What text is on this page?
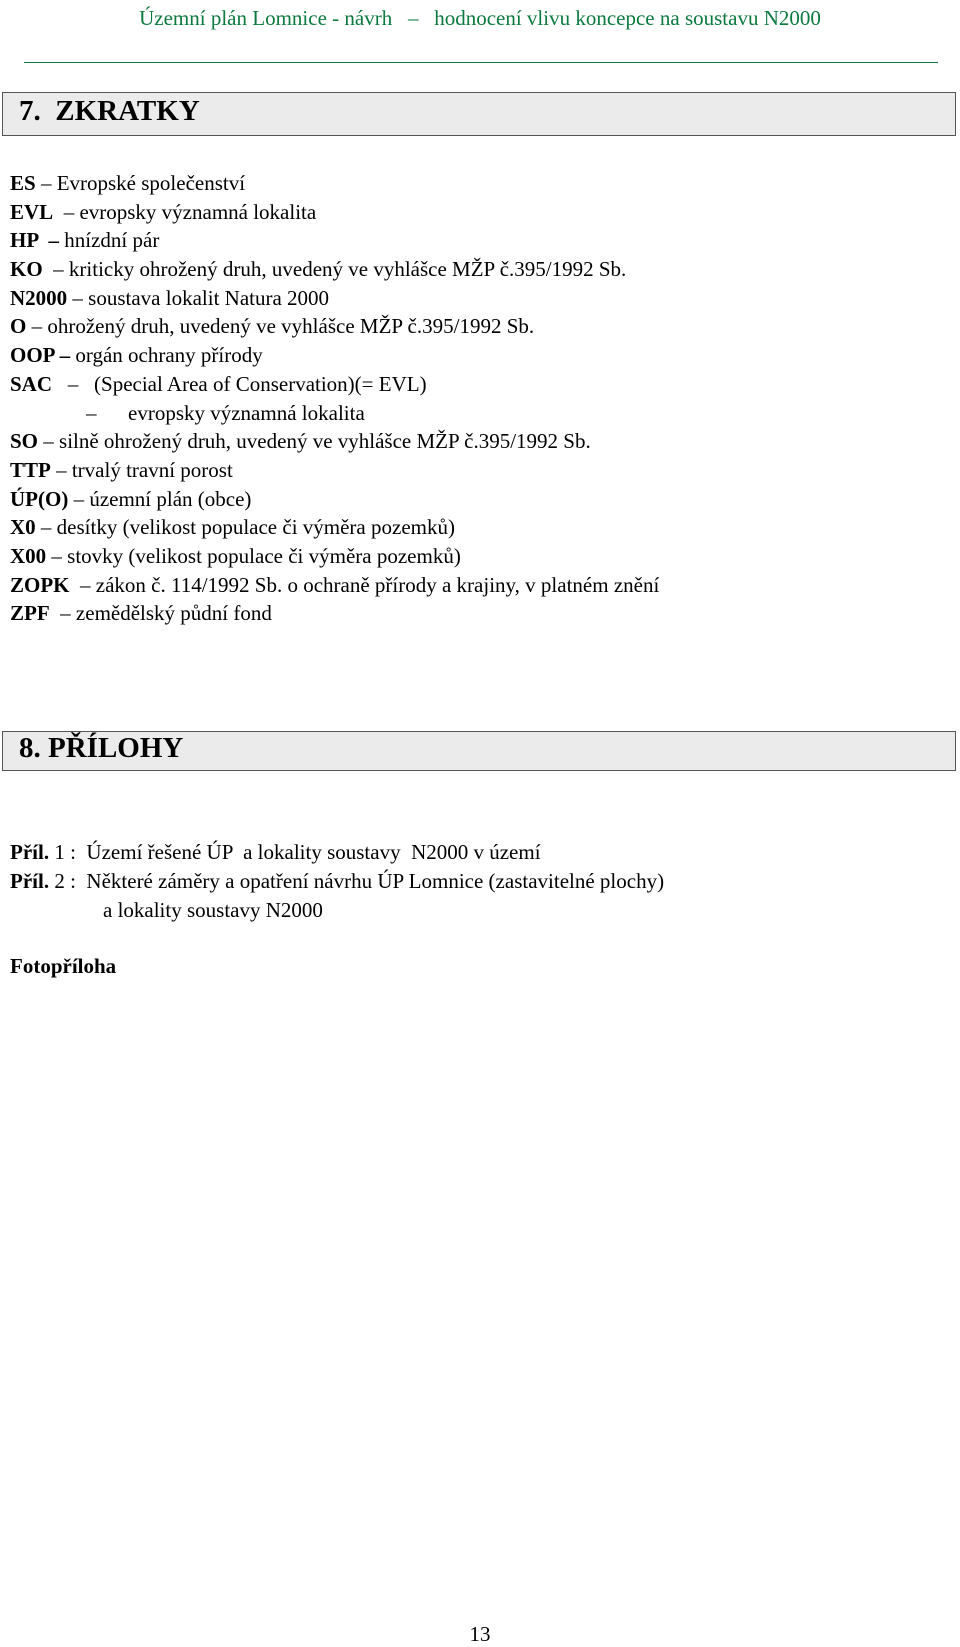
Územní plán Lomnice - návrh – hodnocení vlivu koncepce na soustavu N2000
7.  ZKRATKY
ES – Evropské společenství
EVL  – evropsky významná lokalita
HP  – hnízdní pár
KO  – kriticky ohrožený druh, uvedený ve vyhlášce MŽP č.395/1992 Sb.
N2000 – soustava lokalit Natura 2000
O – ohrožený druh, uvedený ve vyhlášce MŽP č.395/1992 Sb.
OOP – orgán ochrany přírody
SAC   –   (Special Area of Conservation)(= EVL)
–      evropsky významná lokalita
SO – silně ohrožený druh, uvedený ve vyhlášce MŽP č.395/1992 Sb.
TTP – trvalý travní porost
ÚP(O) – územní plán (obce)
X0 – desítky (velikost populace či výměra pozemků)
X00 – stovky (velikost populace či výměra pozemků)
ZOPK  – zákon č. 114/1992 Sb. o ochraně přírody a krajiny, v platném znění
ZPF  – zemědělský půdní fond
8. PŘÍLOHY
Příl. 1 :  Území řešené ÚP  a lokality soustavy  N2000 v území
Příl. 2 :  Některé záměry a opatření návrhu ÚP Lomnice (zastavitelné plochy)
a lokality soustavy N2000
Fotopříloha
13
